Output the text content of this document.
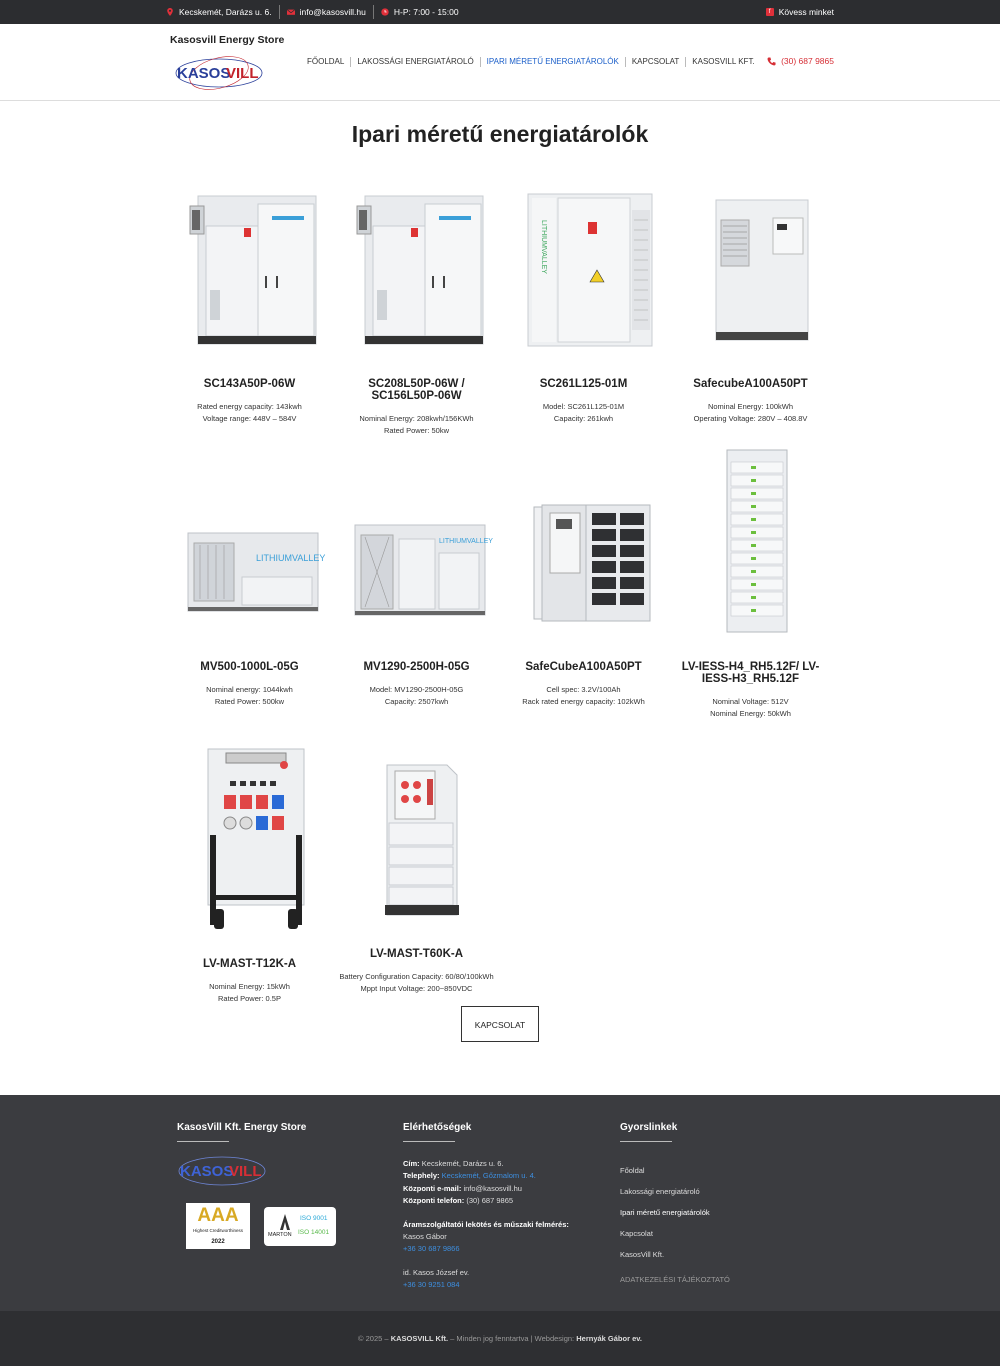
Kecskemét, Darázs u. 6.	info@kasosvill.hu	H-P: 7:00 - 15:00	f Kövess minket
Kasosvill Energy Store
KASOS
VILL
FŐOLDAL	LAKOSSÁGI ENERGIATÁROLÓ	IPARI MÉRETŰ ENERGIATÁROLÓK	KAPCSOLAT	KASOSVILL KFT.	(30) 687 9865
Ipari méretű energiatárolók
SC143A50P-06W
Rated energy capacity: 143kwh
Voltage range: 448V – 584V
SC208L50P-06W / SC156L50P-06W
Nominal Energy: 208kwh/156KWh
Rated Power: 50kw
LITHIUMVALLEY
SC261L125-01M
Model: SC261L125-01M
Capacity: 261kwh
SafecubeA100A50PT
Nominal Energy: 100kWh
Operating Voltage: 280V – 408.8V
LITHIUMVALLEY
MV500-1000L-05G
Nominal energy: 1044kwh
Rated Power: 500kw
LITHIUMVALLEY
MV1290-2500H-05G
Model: MV1290-2500H-05G
Capacity: 2507kwh
SafeCubeA100A50PT
Cell spec: 3.2V/100Ah
Rack rated energy capacity: 102kWh
LV-IESS-H4_RH5.12F/ LV-IESS-H3_RH5.12F
Nominal Voltage: 512V
Nominal Energy: 50kWh
LV-MAST-T12K-A
Nominal Energy: 15kWh
Rated Power: 0.5P
LV-MAST-T60K-A
Battery Configuration Capacity: 60/80/100kWh
Mppt Input Voltage: 200~850VDC
KAPCSOLAT
KasosVill Kft. Energy Store
KASOS
VILL
AAA
Highest Creditworthiness
2022
MARTON
ISO 9001
ISO 14001
Elérhetőségek
Cím: Kecskemét, Darázs u. 6.
Telephely: Kecskemét, Gőzmalom u. 4.
Központi e-mail: info@kasosvill.hu
Központi telefon: (30) 687 9865
Áramszolgáltatói lekötés és műszaki felmérés:
Kasos Gábor
+36 30 687 9866
id. Kasos József ev.
+36 30 9251 084
Gyorslinkek
Főoldal
Lakossági energiatároló
Ipari méretű energiatárolók
Kapcsolat
KasosVill Kft.
ADATKEZELÉSI TÁJÉKOZTATÓ
© 2025 – KASOSVILL Kft. – Minden jog fenntartva | Webdesign: Hernyák Gábor ev.
